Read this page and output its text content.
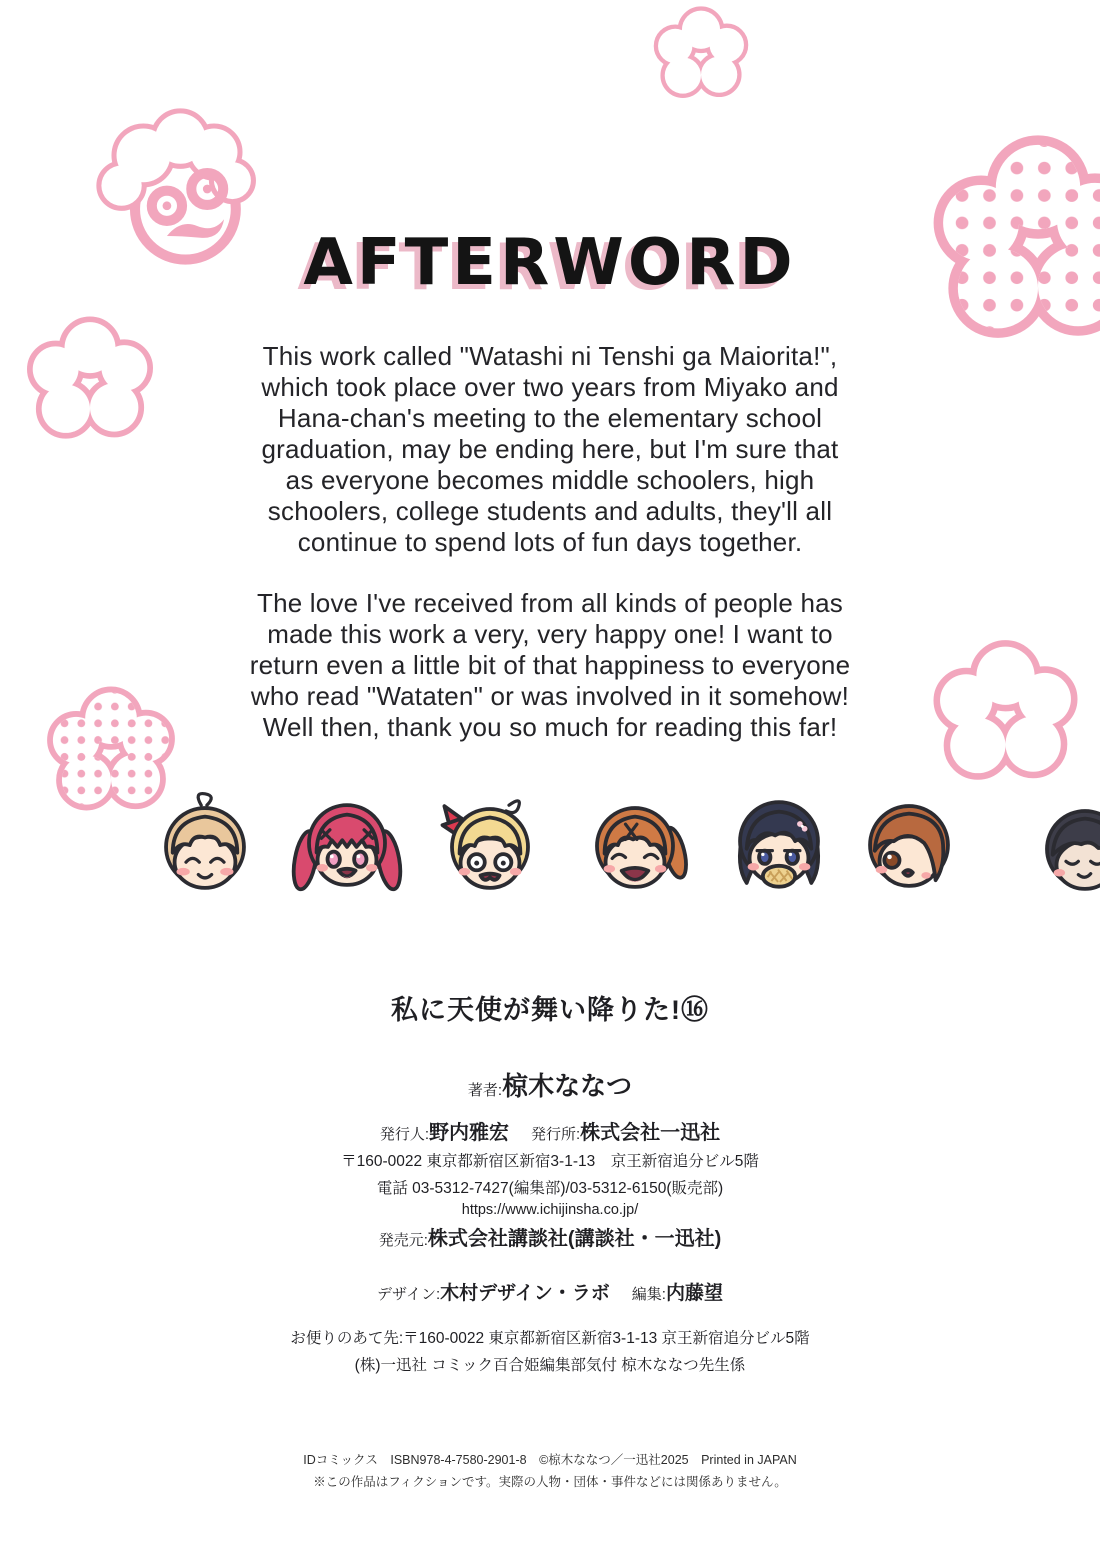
AFTERWORD
This work called "Watashi ni Tenshi ga Maiorita!",
which took place over two years from Miyako and
Hana-chan's meeting to the elementary school
graduation, may be ending here, but I'm sure that
as everyone becomes middle schoolers, high
schoolers, college students and adults, they'll all
continue to spend lots of fun days together.
The love I've received from all kinds of people has
made this work a very, very happy one! I want to
return even a little bit of that happiness to everyone
who read "Wataten" or was involved in it somehow!
Well then, thank you so much for reading this far!
私に天使が舞い降りた!⑯
著者:椋木ななつ
発行人:野内雅宏 発行所:株式会社一迅社
〒160-0022 東京都新宿区新宿3-1-13　京王新宿追分ビル5階
電話 03-5312-7427(編集部)/03-5312-6150(販売部)
https://www.ichijinsha.co.jp/
発売元:株式会社講談社(講談社・一迅社)
デザイン:木村デザイン・ラボ 編集:内藤望
お便りのあて先:〒160-0022 東京都新宿区新宿3-1-13 京王新宿追分ビル5階
(株)一迅社 コミック百合姫編集部気付 椋木ななつ先生係
IDコミックス　ISBN978-4-7580-2901-8　©椋木ななつ／一迅社2025　Printed in JAPAN
※この作品はフィクションです。実際の人物・団体・事件などには関係ありません。
